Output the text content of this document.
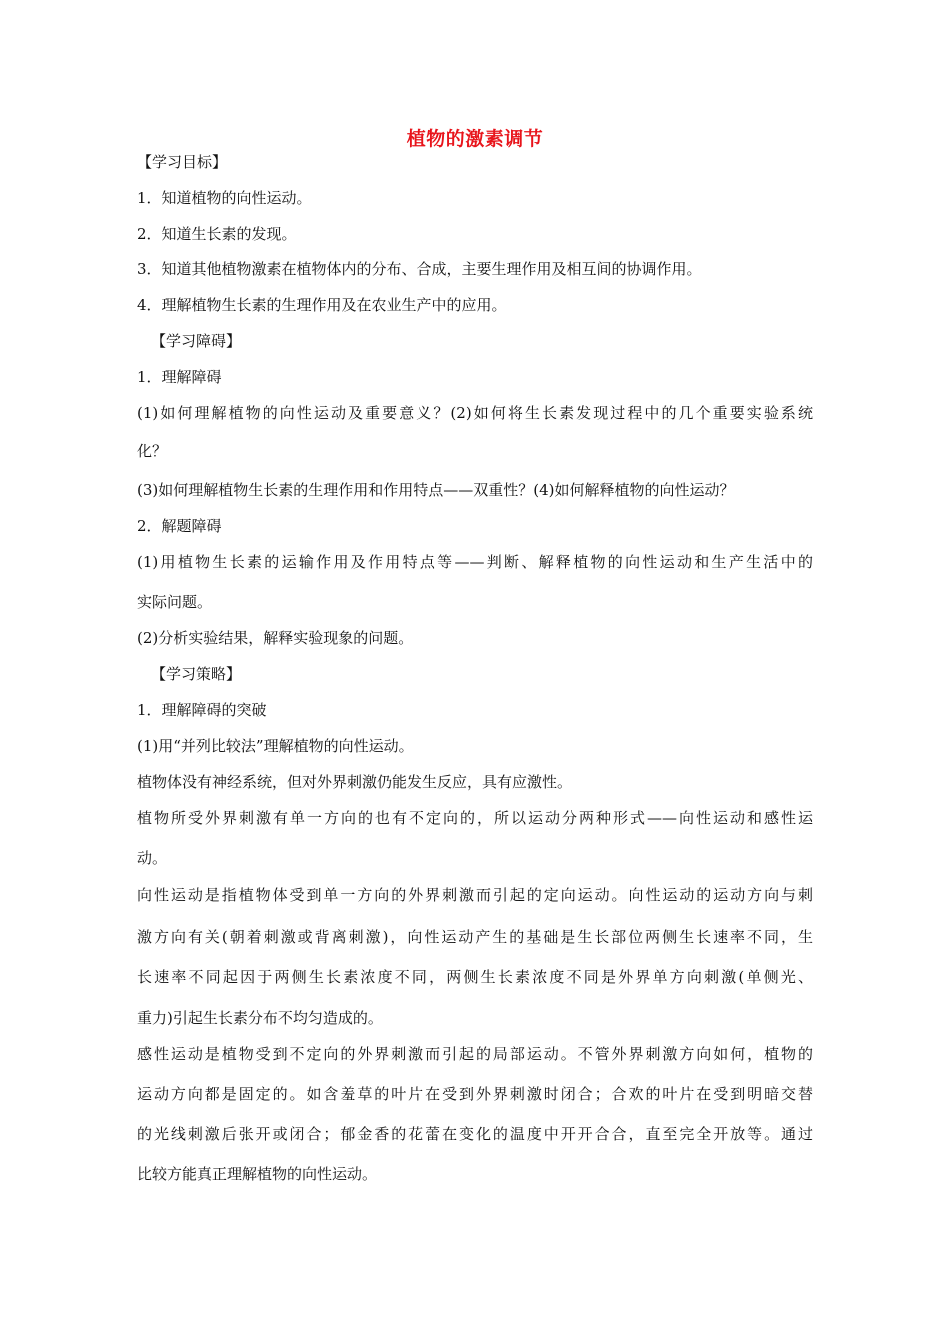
植物的激素调节
【学习目标】
1．知道植物的向性运动。
2．知道生长素的发现。
3．知道其他植物激素在植物体内的分布、合成，主要生理作用及相互间的协调作用。
4．理解植物生长素的生理作用及在农业生产中的应用。
【学习障碍】
1．理解障碍
(1)如何理解植物的向性运动及重要意义？(2)如何将生长素发现过程中的几个重要实验系统
化？
(3)如何理解植物生长素的生理作用和作用特点——双重性？(4)如何解释植物的向性运动？
2．解题障碍
(1)用植物生长素的运输作用及作用特点等——判断、解释植物的向性运动和生产生活中的
实际问题。
(2)分析实验结果，解释实验现象的问题。
【学习策略】
1．理解障碍的突破
(1)用“并列比较法”理解植物的向性运动。
植物体没有神经系统，但对外界刺激仍能发生反应，具有应激性。
植物所受外界刺激有单一方向的也有不定向的，所以运动分两种形式——向性运动和感性运
动。
向性运动是指植物体受到单一方向的外界刺激而引起的定向运动。向性运动的运动方向与刺
激方向有关(朝着刺激或背离刺激)，向性运动产生的基础是生长部位两侧生长速率不同，生
长速率不同起因于两侧生长素浓度不同，两侧生长素浓度不同是外界单方向刺激(单侧光、
重力)引起生长素分布不均匀造成的。
感性运动是植物受到不定向的外界刺激而引起的局部运动。不管外界刺激方向如何，植物的
运动方向都是固定的。如含羞草的叶片在受到外界刺激时闭合；合欢的叶片在受到明暗交替
的光线刺激后张开或闭合；郁金香的花蕾在变化的温度中开开合合，直至完全开放等。通过
比较方能真正理解植物的向性运动。
